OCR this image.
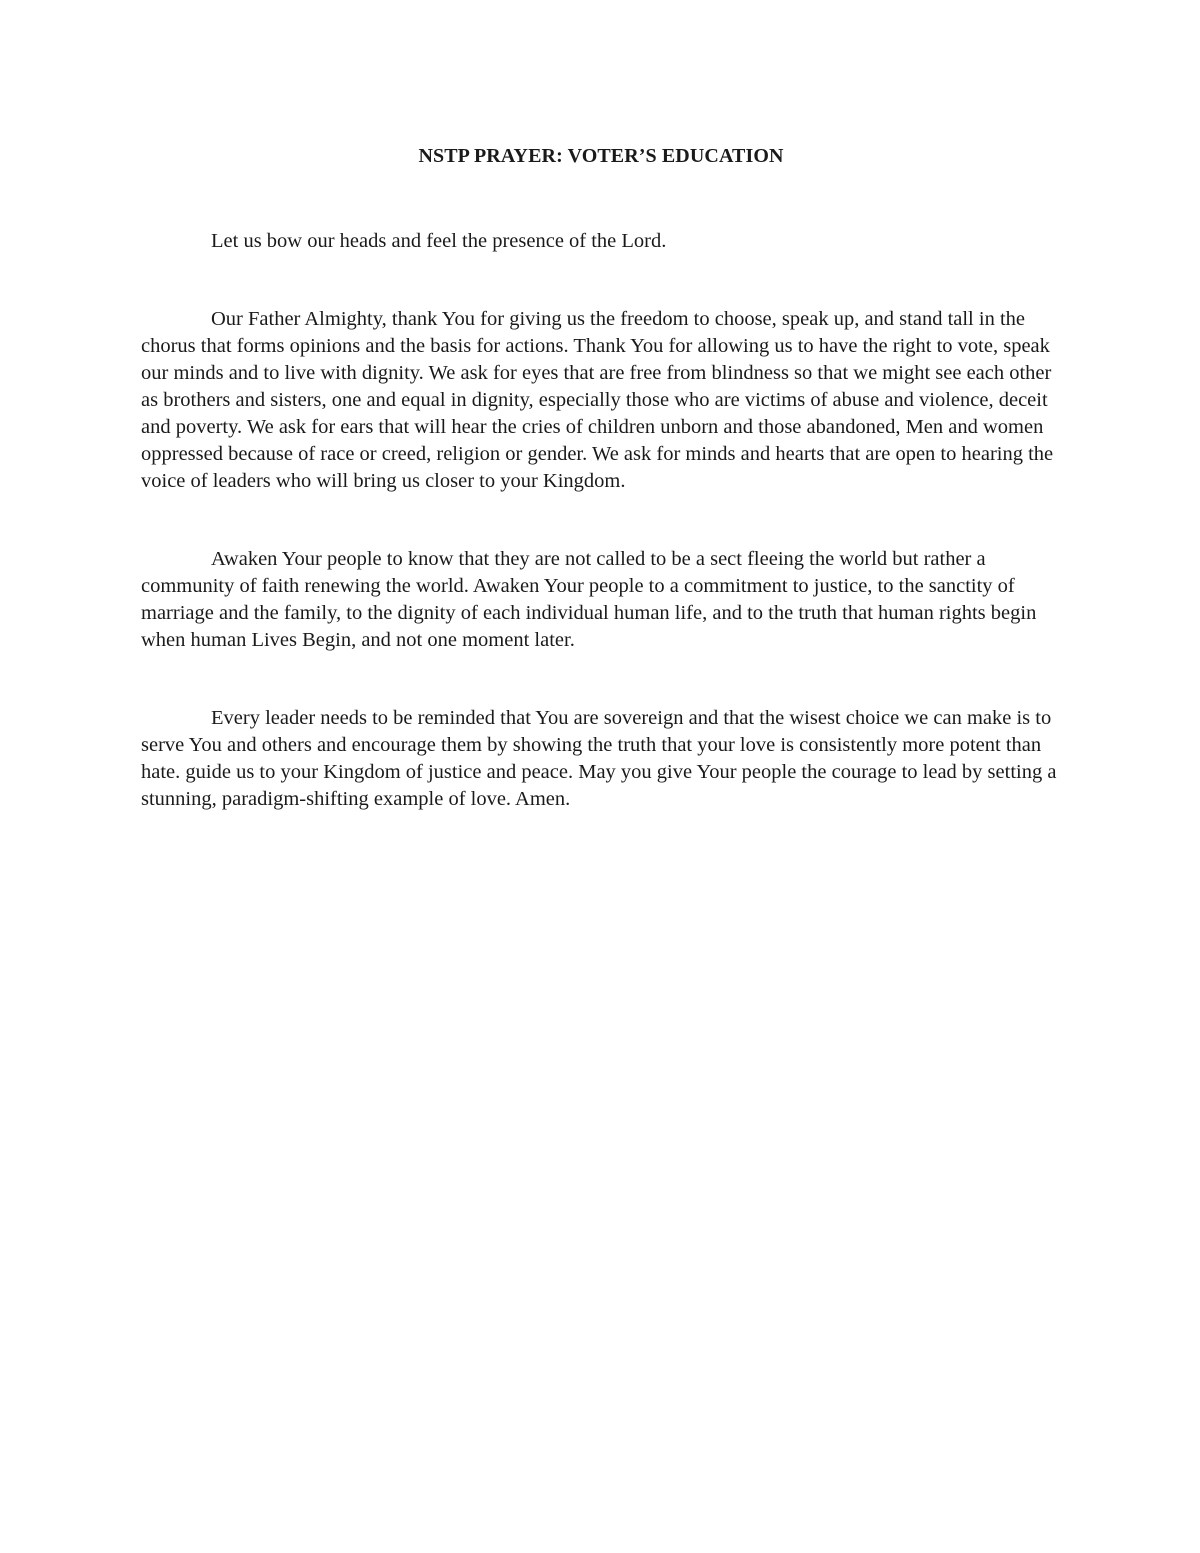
NSTP PRAYER: VOTER’S EDUCATION

Let us bow our heads and feel the presence of the Lord.

Our Father Almighty, thank You for giving us the freedom to choose, speak up, and stand tall in the chorus that forms opinions and the basis for actions. Thank You for allowing us to have the right to vote, speak our minds and to live with dignity. We ask for eyes that are free from blindness so that we might see each other as brothers and sisters, one and equal in dignity, especially those who are victims of abuse and violence, deceit and poverty. We ask for ears that will hear the cries of children unborn and those abandoned, Men and women oppressed because of race or creed, religion or gender. We ask for minds and hearts that are open to hearing the voice of leaders who will bring us closer to your Kingdom.

Awaken Your people to know that they are not called to be a sect fleeing the world but rather a community of faith renewing the world. Awaken Your people to a commitment to justice, to the sanctity of marriage and the family, to the dignity of each individual human life, and to the truth that human rights begin when human Lives Begin, and not one moment later.

Every leader needs to be reminded that You are sovereign and that the wisest choice we can make is to serve You and others and encourage them by showing the truth that your love is consistently more potent than hate. guide us to your Kingdom of justice and peace. May you give Your people the courage to lead by setting a stunning, paradigm-shifting example of love. Amen.
